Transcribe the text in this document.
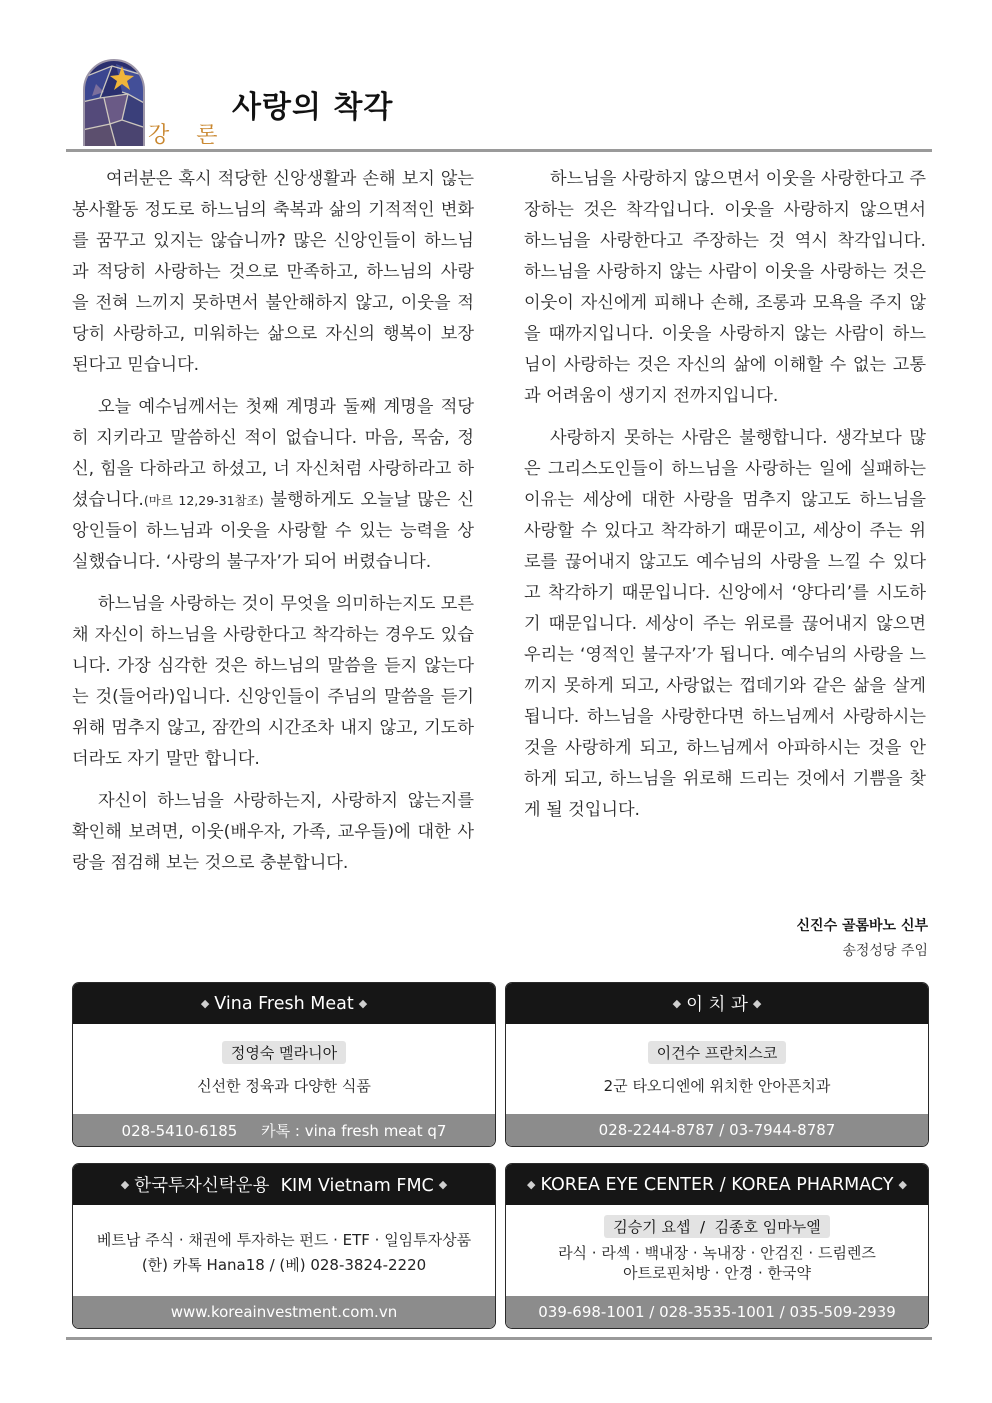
강 론
사랑의 착각

여러분은 혹시 적당한 신앙생활과 손해 보지 않는 봉사활동 정도로 하느님의 축복과 삶의 기적적인 변화를 꿈꾸고 있지는 않습니까? 많은 신앙인들이 하느님과 적당히 사랑하는 것으로 만족하고, 하느님의 사랑을 전혀 느끼지 못하면서 불안해하지 않고, 이웃을 적당히 사랑하고, 미워하는 삶으로 자신의 행복이 보장된다고 믿습니다.

오늘 예수님께서는 첫째 계명과 둘째 계명을 적당히 지키라고 말씀하신 적이 없습니다. 마음, 목숨, 정신, 힘을 다하라고 하셨고, 너 자신처럼 사랑하라고 하셨습니다.(마르 12,29-31참조) 불행하게도 오늘날 많은 신앙인들이 하느님과 이웃을 사랑할 수 있는 능력을 상실했습니다. ‘사랑의 불구자’가 되어 버렸습니다.

하느님을 사랑하는 것이 무엇을 의미하는지도 모른 채 자신이 하느님을 사랑한다고 착각하는 경우도 있습니다. 가장 심각한 것은 하느님의 말씀을 듣지 않는다는 것(들어라)입니다. 신앙인들이 주님의 말씀을 듣기 위해 멈추지 않고, 잠깐의 시간조차 내지 않고, 기도하더라도 자기 말만 합니다.

자신이 하느님을 사랑하는지, 사랑하지 않는지를 확인해 보려면, 이웃(배우자, 가족, 교우들)에 대한 사랑을 점검해 보는 것으로 충분합니다.

하느님을 사랑하지 않으면서 이웃을 사랑한다고 주장하는 것은 착각입니다. 이웃을 사랑하지 않으면서 하느님을 사랑한다고 주장하는 것 역시 착각입니다. 하느님을 사랑하지 않는 사람이 이웃을 사랑하는 것은 이웃이 자신에게 피해나 손해, 조롱과 모욕을 주지 않을 때까지입니다. 이웃을 사랑하지 않는 사람이 하느님이 사랑하는 것은 자신의 삶에 이해할 수 없는 고통과 어려움이 생기지 전까지입니다.

사랑하지 못하는 사람은 불행합니다. 생각보다 많은 그리스도인들이 하느님을 사랑하는 일에 실패하는 이유는 세상에 대한 사랑을 멈추지 않고도 하느님을 사랑할 수 있다고 착각하기 때문이고, 세상이 주는 위로를 끊어내지 않고도 예수님의 사랑을 느낄 수 있다고 착각하기 때문입니다. 신앙에서 ‘양다리’를 시도하기 때문입니다. 세상이 주는 위로를 끊어내지 않으면 우리는 ‘영적인 불구자’가 됩니다. 예수님의 사랑을 느끼지 못하게 되고, 사랑없는 껍데기와 같은 삶을 살게 됩니다. 하느님을 사랑한다면 하느님께서 사랑하시는 것을 사랑하게 되고, 하느님께서 아파하시는 것을 안하게 되고, 하느님을 위로해 드리는 것에서 기쁨을 찾게 될 것입니다.

신진수 골롬바노 신부
송정성당 주임
◆ Vina Fresh Meat ◆
정영숙 멜라니아
신선한 정육과 다양한 식품
028-5410-6185     카톡 : vina fresh meat q7
◆ 이 치 과 ◆
이건수 프란치스코
2군 타오디엔에 위치한 안아픈치과
028-2244-8787 / 03-7944-8787
◆ 한국투자신탁운용  KIM Vietnam FMC ◆
베트남 주식 · 채권에 투자하는 펀드 · ETF · 일임투자상품
(한) 카톡 Hana18 / (베) 028-3824-2220
www.koreainvestment.com.vn
◆ KOREA EYE CENTER / KOREA PHARMACY ◆
김승기 요셉  /  김종호 임마누엘
라식 · 라섹 · 백내장 · 녹내장 · 안검진 · 드림렌즈
아트로핀처방 · 안경 · 한국약
039-698-1001 / 028-3535-1001 / 035-509-2939
